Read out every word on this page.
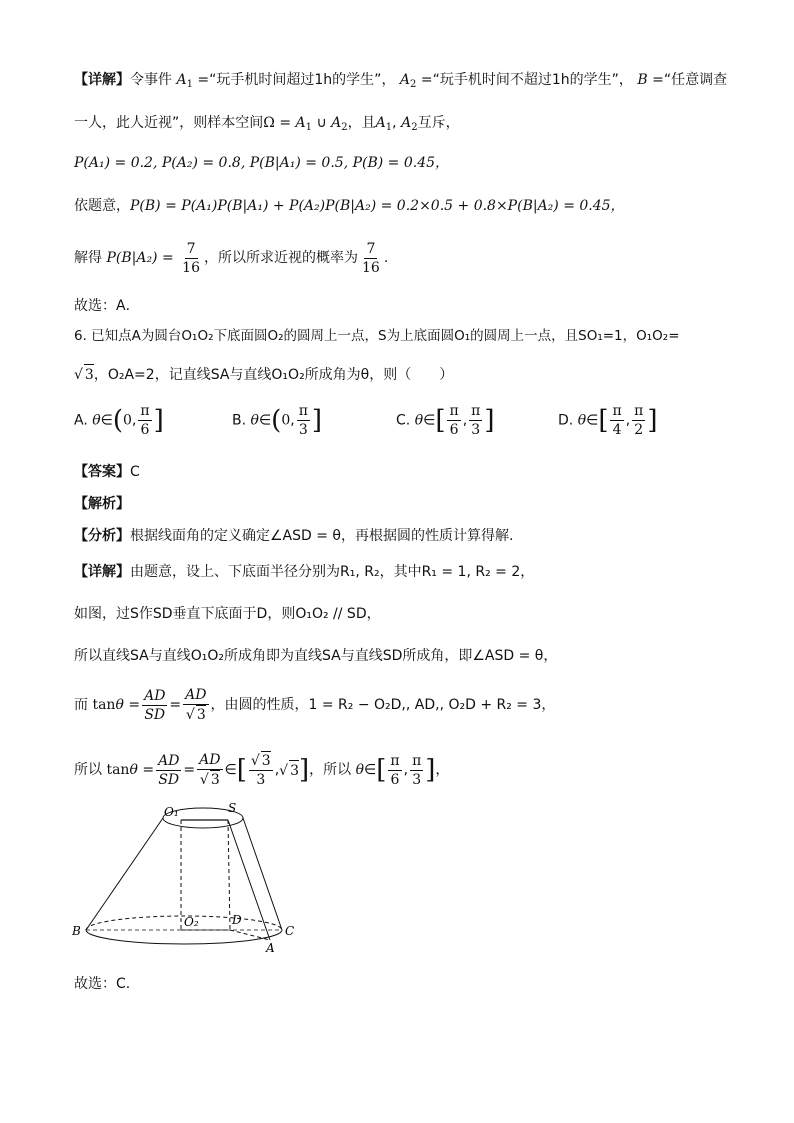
【详解】令事件 $A_1$ =“玩手机时间超过1h的学生”， $A_2$ =“玩手机时间不超过1h的学生”， B =“任意调查
一人，此人近视”，则样本空间$\Omega = A_1$ ∪ $A_2$，且$A_1$, $A_2$互斥，
P(A₁) = 0.2, P(A₂) = 0.8, P(B|A₁) = 0.5, P(B) = 0.45，
依题意，P(B) = P(A₁)P(B|A₁) + P(A₂)P(B|A₂) = 0.2×0.5 + 0.8×P(B|A₂) = 0.45，
解得 $P(B|A_2) = \frac{7}{16}$ ，所以所求近视的概率为 $\frac{7}{16}$ .
故选：A．
6. 已知点A为圆台O₁O₂下底面圆O₂的圆周上一点，S为上底面圆O₁的圆周上一点，且SO₁=1，O₁O₂=
√ 3，O₂A=2，记直线SA与直线O₁O₂所成角为θ，则（　　）
A. θ∈(0, $\frac{\pi}{6}$ ]	B. θ∈(0, $\frac{\pi}{3}$ ]	C. θ∈[ $\frac{\pi}{6}$ , $\frac{\pi}{3}$ ]	D. θ∈[ $\frac{\pi}{4}$ , $\frac{\pi}{2}$ ]
【答案】C
【解析】
【分析】根据线面角的定义确定∠ASD = θ，再根据圆的性质计算得解.
【详解】由题意，设上、下底面半径分别为R₁, R₂，其中R₁ = 1, R₂ = 2，
如图，过S作SD垂直下底面于D，则O₁O₂ // SD，
所以直线SA与直线O₁O₂所成角即为直线SA与直线SD所成角，即∠ASD = θ，
而 $\tan \theta = \frac{AD}{SD} = \frac{AD}{√ 3}$ ，由圆的性质，1 = R₂ − O₂D,, AD,, O₂D + R₂ = 3，
所以 $\tan \theta = \frac{AD}{SD} = \frac{AD}{√ 3}$ ∈ [ $\frac{√ 3}{3}$ , √ 3 ] ，所以 θ ∈ [ $\frac{\pi}{6}$ , $\frac{\pi}{3}$ ] ，
O₁	S
O₂	D
B	C
A
故选：C.
